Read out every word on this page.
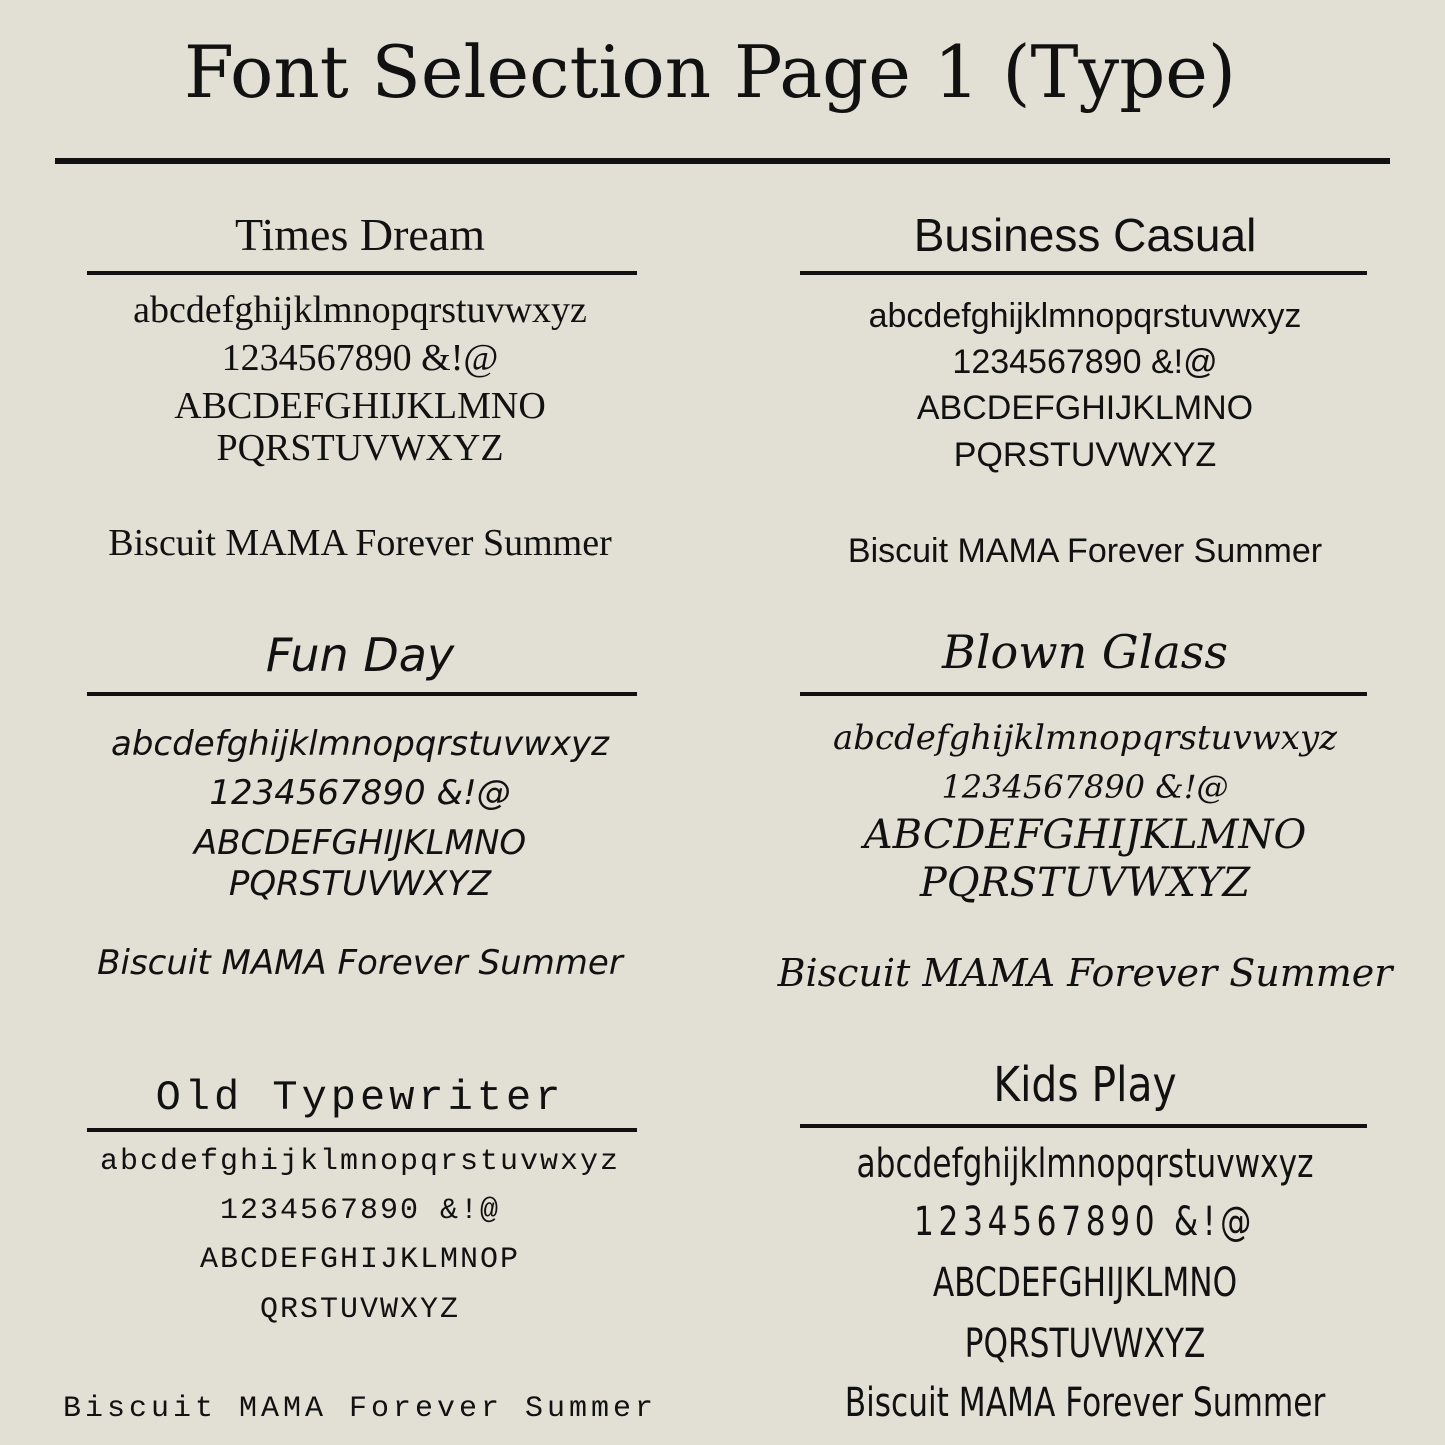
Font Selection Page 1 (Type)
Times Dream
abcdefghijklmnopqrstuvwxyz
1234567890 &!@
ABCDEFGHIJKLMNO
PQRSTUVWXYZ
Biscuit MAMA Forever Summer
Business Casual
abcdefghijklmnopqrstuvwxyz
1234567890 &!@
ABCDEFGHIJKLMNO
PQRSTUVWXYZ
Biscuit MAMA Forever Summer
Fun Day
abcdefghijklmnopqrstuvwxyz
1234567890 &!@
ABCDEFGHIJKLMNO
PQRSTUVWXYZ
Biscuit MAMA Forever Summer
Blown Glass
abcdefghijklmnopqrstuvwxyz
1234567890 &!@
ABCDEFGHIJKLMNO
PQRSTUVWXYZ
Biscuit MAMA Forever Summer
Old Typewriter
abcdefghijklmnopqrstuvwxyz
1234567890 &!@
ABCDEFGHIJKLMNOP
QRSTUVWXYZ
Biscuit MAMA Forever Summer
Kids Play
abcdefghijklmnopqrstuvwxyz
1234567890 &!@
ABCDEFGHIJKLMNO
PQRSTUVWXYZ
Biscuit MAMA Forever Summer
